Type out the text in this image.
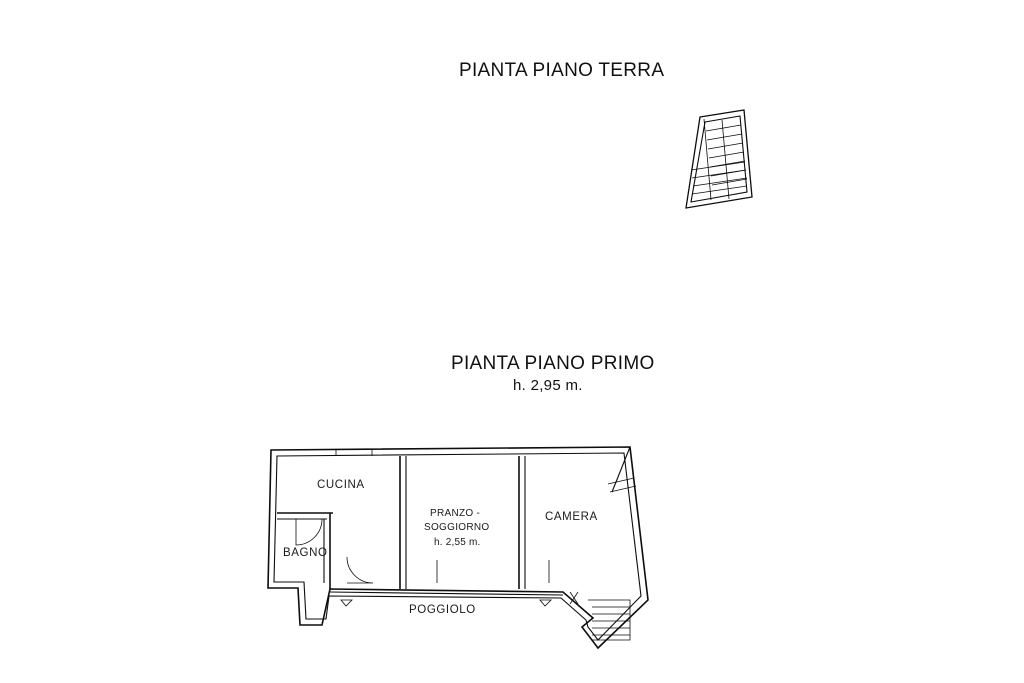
PIANTA PIANO TERRA
PIANTA PIANO PRIMO
h. 2,95 m.
CUCINA
BAGNO
PRANZO -
SOGGIORNO
h. 2,55 m.
CAMERA
POGGIOLO
